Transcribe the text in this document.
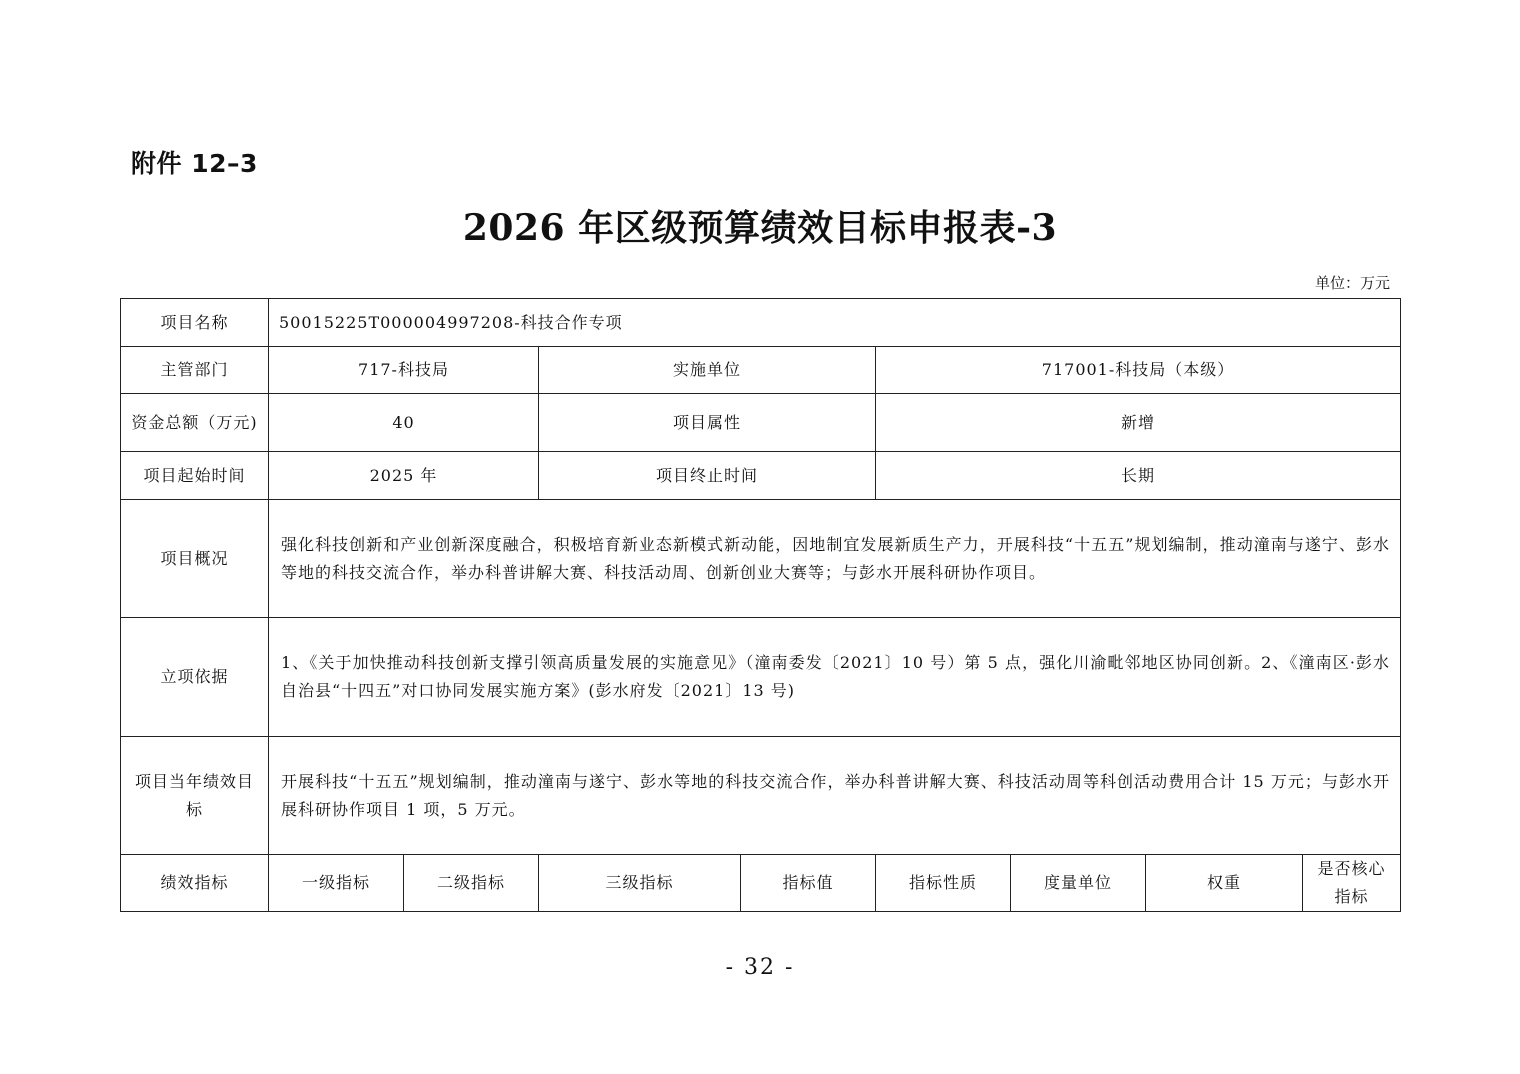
附件 12–3
2026 年区级预算绩效目标申报表-3
单位：万元
项目名称	50015225T000004997208-科技合作专项							
主管部门	717-科技局		实施单位		717001-科技局（本级）			
资金总额（万元)	40		项目属性		新增			
项目起始时间	2025 年		项目终止时间		长期			
项目概况	强化科技创新和产业创新深度融合，积极培育新业态新模式新动能，因地制宜发展新质生产力，开展科技“十五五”规划编制，推动潼南与遂宁、彭水等地的科技交流合作，举办科普讲解大赛、科技活动周、创新创业大赛等；与彭水开展科研协作项目。							
立项依据	1、《关于加快推动科技创新支撑引领高质量发展的实施意见》（潼南委发〔2021〕10 号）第 5 点，强化川渝毗邻地区协同创新。2、《潼南区·彭水自治县“十四五”对口协同发展实施方案》(彭水府发〔2021〕13 号)							
项目当年绩效目标	开展科技“十五五”规划编制，推动潼南与遂宁、彭水等地的科技交流合作，举办科普讲解大赛、科技活动周等科创活动费用合计 15 万元；与彭水开展科研协作项目 1 项，5 万元。							
绩效指标	一级指标	二级指标	三级指标	指标值	指标性质	度量单位	权重	是否核心指标
- 32 -
